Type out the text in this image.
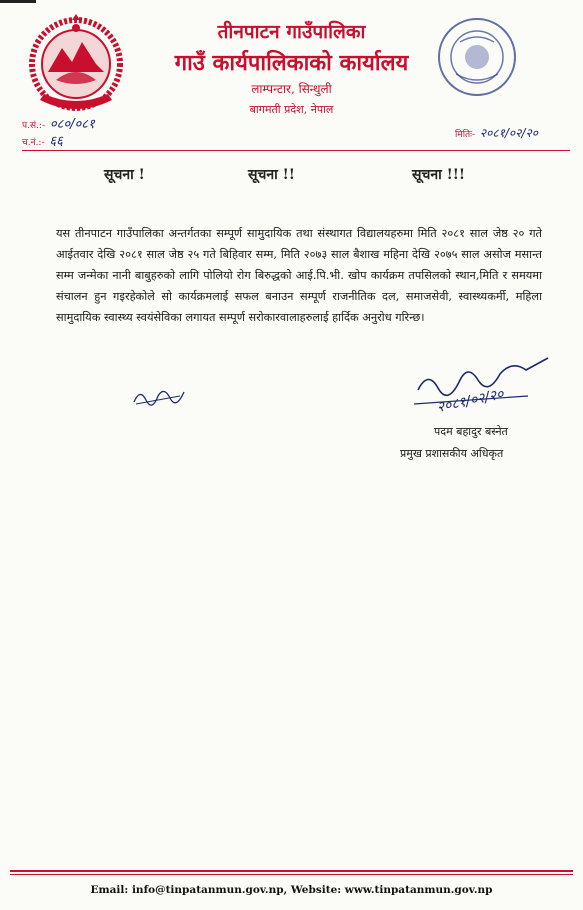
तीनपाटन गाउँपालिका
गाउँ कार्यपालिकाको कार्यालय
लाम्पन्टार, सिन्धुली
बागमती प्रदेश, नेपाल
प.सं.:- ०८०/०८१
च.नं.:- ६६	मितिः- २०८१/०२/२०
सूचना !	सूचना !!	सूचना !!!
यस तीनपाटन गाउँपालिका अन्तर्गतका सम्पूर्ण सामुदायिक तथा संस्थागत विद्यालयहरुमा मिति २०८१ साल जेष्ठ २० गते आईतवार देखि २०८१ साल जेष्ठ २५ गते बिहिवार सम्म, मिति २०७३ साल बैशाख महिना देखि २०७५ साल असोज मसान्त सम्म जन्मेका नानी बाबुहरुको लागि पोलियो रोग बिरुद्धको आई.पि.भी. खोप कार्यक्रम तपसिलको स्थान,मिति र समयमा संचालन हुन गइरहेकोले सो कार्यक्रमलाई सफल बनाउन सम्पूर्ण राजनीतिक दल, समाजसेवी, स्वास्थ्यकर्मी, महिला सामुदायिक स्वास्थ्य स्वयंसेविका लगायत सम्पूर्ण सरोकारवालाहरुलाई हार्दिक अनुरोध गरिन्छ।
२०८१/०२/२०
पदम बहादुर बस्नेत
प्रमुख प्रशासकीय अधिकृत
Email: info@tinpatanmun.gov.np, Website: www.tinpatanmun.gov.np
